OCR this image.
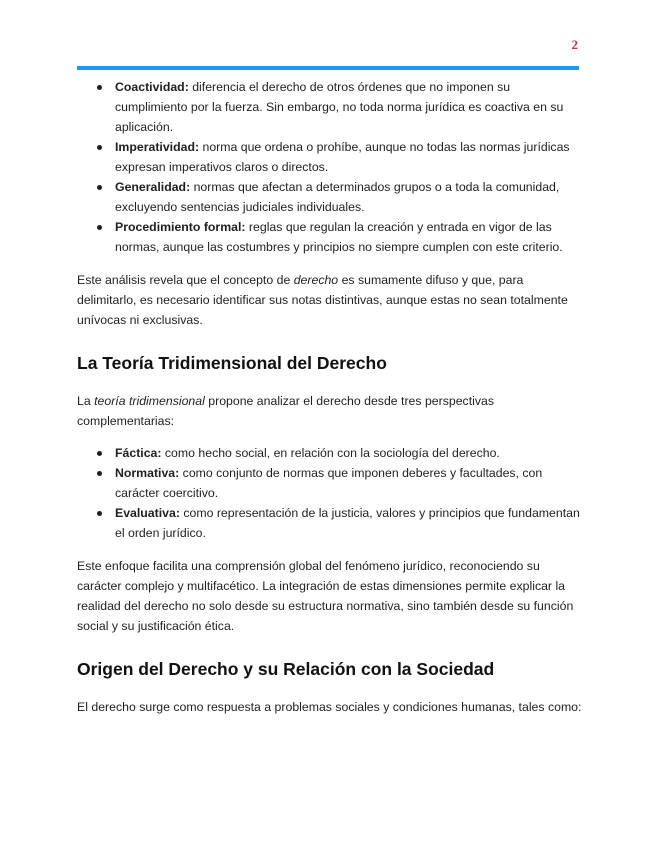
2
Coactividad: diferencia el derecho de otros órdenes que no imponen su cumplimiento por la fuerza. Sin embargo, no toda norma jurídica es coactiva en su aplicación.
Imperatividad: norma que ordena o prohíbe, aunque no todas las normas jurídicas expresan imperativos claros o directos.
Generalidad: normas que afectan a determinados grupos o a toda la comunidad, excluyendo sentencias judiciales individuales.
Procedimiento formal: reglas que regulan la creación y entrada en vigor de las normas, aunque las costumbres y principios no siempre cumplen con este criterio.

Este análisis revela que el concepto de derecho es sumamente difuso y que, para delimitarlo, es necesario identificar sus notas distintivas, aunque estas no sean totalmente unívocas ni exclusivas.

La Teoría Tridimensional del Derecho

La teoría tridimensional propone analizar el derecho desde tres perspectivas complementarias:

Fáctica: como hecho social, en relación con la sociología del derecho.
Normativa: como conjunto de normas que imponen deberes y facultades, con carácter coercitivo.
Evaluativa: como representación de la justicia, valores y principios que fundamentan el orden jurídico.

Este enfoque facilita una comprensión global del fenómeno jurídico, reconociendo su carácter complejo y multifacético. La integración de estas dimensiones permite explicar la realidad del derecho no solo desde su estructura normativa, sino también desde su función social y su justificación ética.

Origen del Derecho y su Relación con la Sociedad

El derecho surge como respuesta a problemas sociales y condiciones humanas, tales como:
